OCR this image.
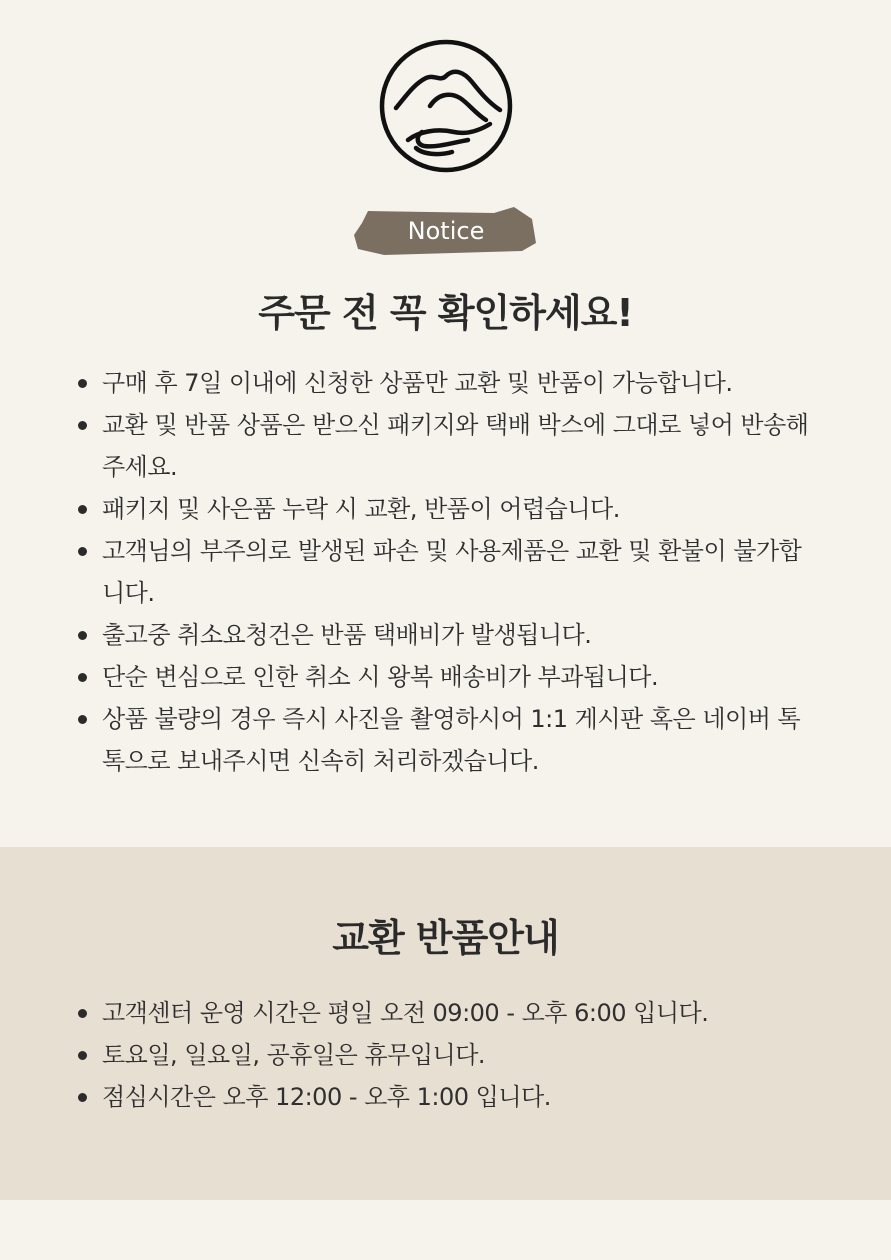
Notice
주문 전 꼭 확인하세요!
구매 후 7일 이내에 신청한 상품만 교환 및 반품이 가능합니다.
교환 및 반품 상품은 받으신 패키지와 택배 박스에 그대로 넣어 반송해주세요.
패키지 및 사은품 누락 시 교환, 반품이 어렵습니다.
고객님의 부주의로 발생된 파손 및 사용제품은 교환 및 환불이 불가합니다.
출고중 취소요청건은 반품 택배비가 발생됩니다.
단순 변심으로 인한 취소 시 왕복 배송비가 부과됩니다.
상품 불량의 경우 즉시 사진을 촬영하시어 1:1 게시판 혹은 네이버 톡톡으로 보내주시면 신속히 처리하겠습니다.
교환 반품안내
고객센터 운영 시간은 평일 오전 09:00 - 오후 6:00 입니다.
토요일, 일요일, 공휴일은 휴무입니다.
점심시간은 오후 12:00 - 오후 1:00 입니다.
